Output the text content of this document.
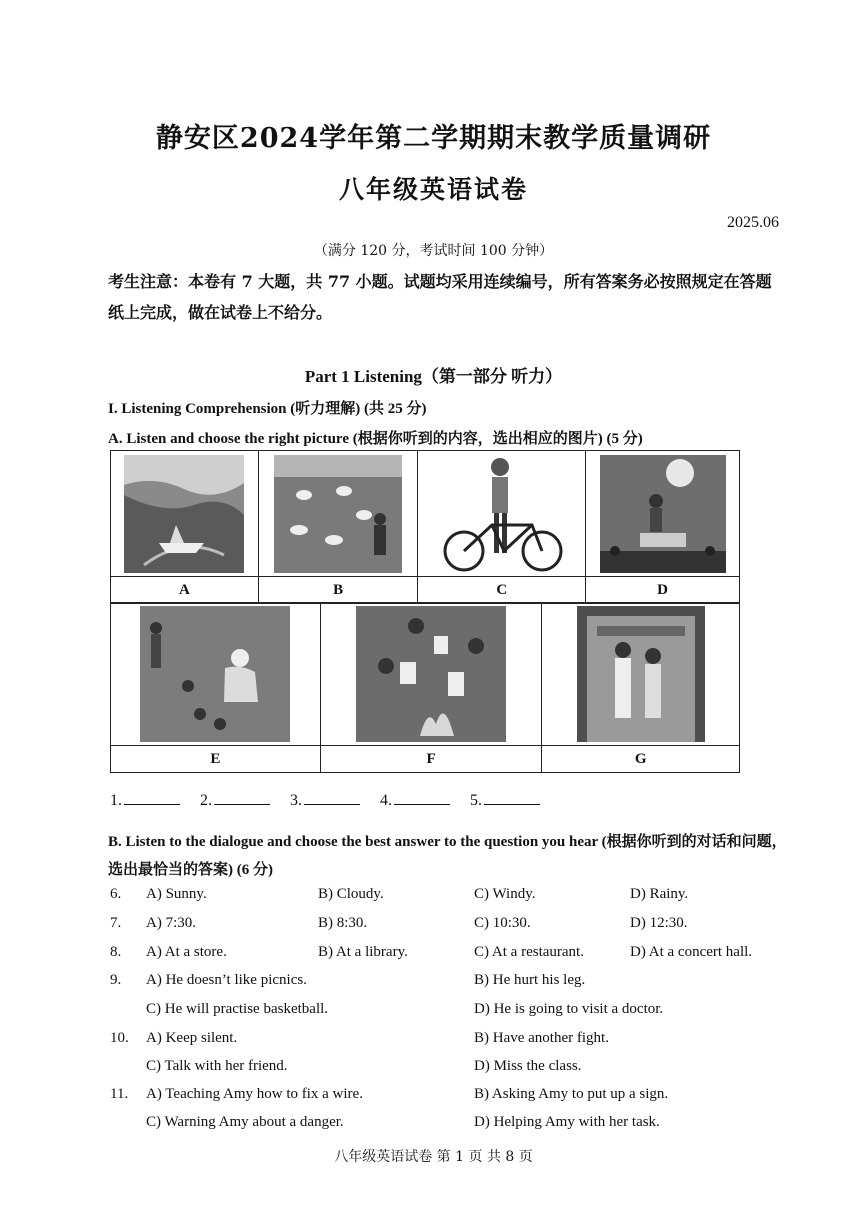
静安区2024学年第二学期期末教学质量调研
八年级英语试卷
2025.06
（满分 120 分，考试时间 100 分钟）
考生注意：本卷有 7 大题，共 77 小题。试题均采用连续编号，所有答案务必按照规定在答题纸上完成，做在试卷上不给分。
Part 1 Listening（第一部分 听力）
I. Listening Comprehension (听力理解) (共 25 分)
A. Listen and choose the right picture (根据你听到的内容，选出相应的图片) (5 分)

A	B	C	D

E	F	G
1.	2.	3.	4.	5.
B. Listen to the dialogue and choose the best answer to the question you hear (根据你听到的对话和问题，选出最恰当的答案) (6 分)
6. A) Sunny.	B) Cloudy.	C) Windy.	D) Rainy.
7. A) 7:30.	B) 8:30.	C) 10:30.	D) 12:30.
8. A) At a store.	B) At a library.	C) At a restaurant.	D) At a concert hall.
9. A) He doesn’t like picnics.	B) He hurt his leg.
C) He will practise basketball.	D) He is going to visit a doctor.
10. A) Keep silent.	B) Have another fight.
C) Talk with her friend.	D) Miss the class.
11. A) Teaching Amy how to fix a wire.	B) Asking Amy to put up a sign.
C) Warning Amy about a danger.	D) Helping Amy with her task.
八年级英语试卷 第 1 页 共 8 页
